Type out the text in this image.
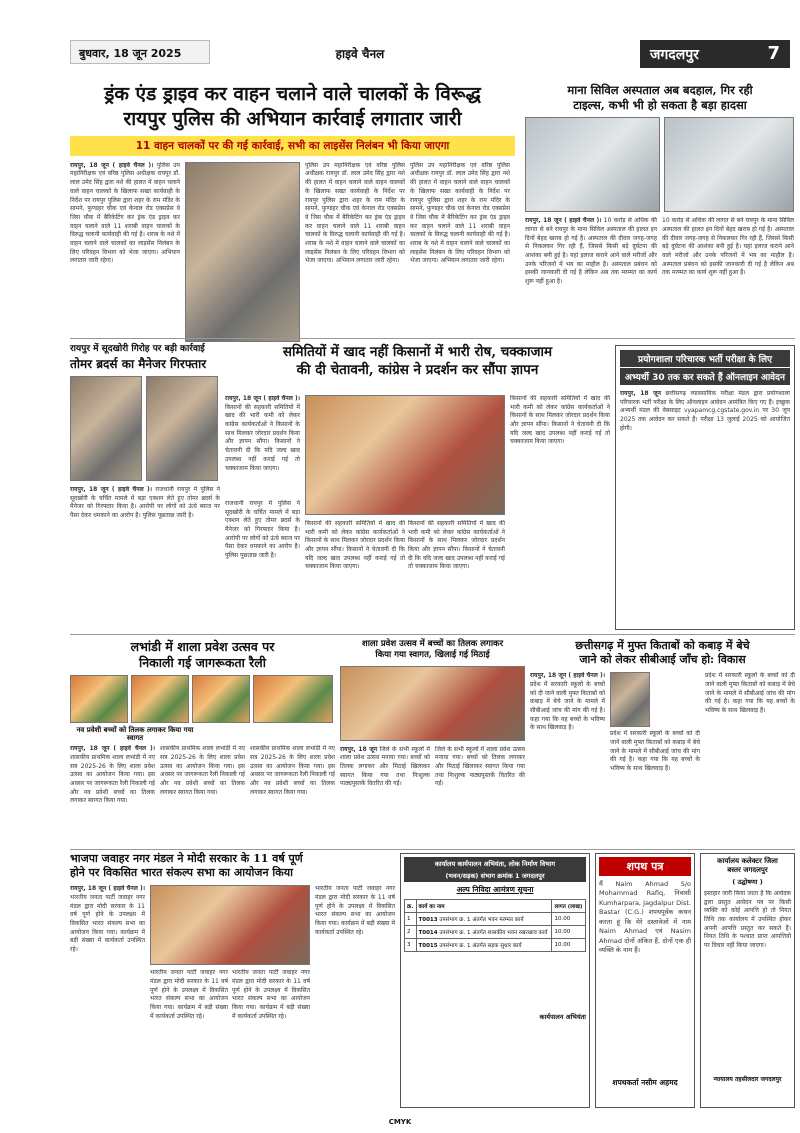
बुधवार, 18 जून 2025	हाइवे चैनल	जगदलपुर	7
ड्रंक एंड ड्राइव कर वाहन चलाने वाले चालकों के विरूद्ध
रायपुर पुलिस की अभियान कार्रवाई लगातार जारी
11 वाहन चालकों पर की गई कार्रवाई, सभी का लाइसेंस निलंबन भी किया जाएगा
रायपुर, 18 जून ( हाइवे चैनल )। पुलिस उप महानिरीक्षक एवं वरिष्ठ पुलिस अधीक्षक रायपुर डॉ. लाल उमेद सिंह द्वारा नशे की हालत में वाहन चलाने वाले वाहन चालकों के खिलाफ सख्त कार्यवाही के निर्देश पर रायपुर पुलिस द्वारा शहर के राम मंदिर के सामने, फुण्डहर चौक एवं केनाल रोड एक्सप्रेस वे जिस चौक में बैरिकेटिंग कर ड्रंक एंड ड्राइव कर वाहन चलाने वाले 11 शराबी वाहन चालकों के विरुद्ध चलानी कार्यवाही की गई है। शराब के नशे में वाहन चलाने वाले चालकों का लाइसेंस निलंबन के लिए परिवहन विभाग को भेजा जाएगा। अभियान लगातार जारी रहेगा।
पुलिस उप महानिरीक्षक एवं वरिष्ठ पुलिस अधीक्षक रायपुर डॉ. लाल उमेद सिंह द्वारा नशे की हालत में वाहन चलाने वाले वाहन चालकों के खिलाफ सख्त कार्यवाही के निर्देश पर रायपुर पुलिस द्वारा शहर के राम मंदिर के सामने, फुण्डहर चौक एवं केनाल रोड एक्सप्रेस वे जिस चौक में बैरिकेटिंग कर ड्रंक एंड ड्राइव कर वाहन चलाने वाले 11 शराबी वाहन चालकों के विरुद्ध चलानी कार्यवाही की गई है। शराब के नशे में वाहन चलाने वाले चालकों का लाइसेंस निलंबन के लिए परिवहन विभाग को भेजा जाएगा। अभियान लगातार जारी रहेगा।
पुलिस उप महानिरीक्षक एवं वरिष्ठ पुलिस अधीक्षक रायपुर डॉ. लाल उमेद सिंह द्वारा नशे की हालत में वाहन चलाने वाले वाहन चालकों के खिलाफ सख्त कार्यवाही के निर्देश पर रायपुर पुलिस द्वारा शहर के राम मंदिर के सामने, फुण्डहर चौक एवं केनाल रोड एक्सप्रेस वे जिस चौक में बैरिकेटिंग कर ड्रंक एंड ड्राइव कर वाहन चलाने वाले 11 शराबी वाहन चालकों के विरुद्ध चलानी कार्यवाही की गई है। शराब के नशे में वाहन चलाने वाले चालकों का लाइसेंस निलंबन के लिए परिवहन विभाग को भेजा जाएगा। अभियान लगातार जारी रहेगा।
माना सिविल अस्पताल अब बदहाल, गिर रही
टाइल्स, कभी भी हो सकता है बड़ा हादसा
रायपुर, 18 जून ( हाइवे चैनल )। 10 करोड़ से अधिक की लागत से बने रायपुर के माना सिविल अस्पताल की हालत इन दिनों बेहद खराब हो गई है। अस्पताल की दीवार जगह-जगह से निकलकर गिर रही हैं, जिससे किसी बड़े दुर्घटना की आशंका बनी हुई है। यहां इलाज कराने आने वाले मरीजों और उनके परिजनों में भय का माहौल है। अस्पताल प्रबंधन को इसकी जानकारी दी गई है लेकिन अब तक मरम्मत का कार्य शुरू नहीं हुआ है।
10 करोड़ से अधिक की लागत से बने रायपुर के माना सिविल अस्पताल की हालत इन दिनों बेहद खराब हो गई है। अस्पताल की दीवार जगह-जगह से निकलकर गिर रही हैं, जिससे किसी बड़े दुर्घटना की आशंका बनी हुई है। यहां इलाज कराने आने वाले मरीजों और उनके परिजनों में भय का माहौल है। अस्पताल प्रबंधन को इसकी जानकारी दी गई है लेकिन अब तक मरम्मत का कार्य शुरू नहीं हुआ है।
रायपुर में सूदखोरी गिरोह पर बड़ी कार्रवाई
तोमर ब्रदर्स का मैनेजर गिरफ्तार
रायपुर, 18 जून ( हाइवे चैनल )। राजधानी रायपुर में पुलिस ने सूदखोरी के चर्चित मामले में बड़ा एक्शन लेते हुए तोमर ब्रदर्स के मैनेजर को गिरफ्तार किया है। आरोपी पर लोगों को ऊंचे ब्याज पर पैसा देकर धमकाने का आरोप है। पुलिस पूछताछ जारी है।
राजधानी रायपुर में पुलिस ने सूदखोरी के चर्चित मामले में बड़ा एक्शन लेते हुए तोमर ब्रदर्स के मैनेजर को गिरफ्तार किया है। आरोपी पर लोगों को ऊंचे ब्याज पर पैसा देकर धमकाने का आरोप है। पुलिस पूछताछ जारी है।
समितियों में खाद नहीं किसानों में भारी रोष, चक्काजाम
की दी चेतावनी, कांग्रेस ने प्रदर्शन कर सौंपा ज्ञापन
रायपुर, 18 जून ( हाइवे चैनल )। किसानों की सहकारी समितियों में खाद की भारी कमी को लेकर कांग्रेस कार्यकर्ताओं ने किसानों के साथ मिलकर जोरदार प्रदर्शन किया और ज्ञापन सौंपा। किसानों ने चेतावनी दी कि यदि जल्द खाद उपलब्ध नहीं कराई गई तो चक्काजाम किया जाएगा।
किसानों की सहकारी समितियों में खाद की भारी कमी को लेकर कांग्रेस कार्यकर्ताओं ने किसानों के साथ मिलकर जोरदार प्रदर्शन किया और ज्ञापन सौंपा। किसानों ने चेतावनी दी कि यदि जल्द खाद उपलब्ध नहीं कराई गई तो चक्काजाम किया जाएगा।
किसानों की सहकारी समितियों में खाद की भारी कमी को लेकर कांग्रेस कार्यकर्ताओं ने किसानों के साथ मिलकर जोरदार प्रदर्शन किया और ज्ञापन सौंपा। किसानों ने चेतावनी दी कि यदि जल्द खाद उपलब्ध नहीं कराई गई तो चक्काजाम किया जाएगा।
किसानों की सहकारी समितियों में खाद की भारी कमी को लेकर कांग्रेस कार्यकर्ताओं ने किसानों के साथ मिलकर जोरदार प्रदर्शन किया और ज्ञापन सौंपा। किसानों ने चेतावनी दी कि यदि जल्द खाद उपलब्ध नहीं कराई गई तो चक्काजाम किया जाएगा।
प्रयोगशाला परिचारक भर्ती परीक्षा के लिए
अभ्यर्थी 30 तक कर सकते हैं ऑनलाइन आवेदन
रायपुर, 18 जून छत्तीसगढ़ व्यावसायिक परीक्षा मंडल द्वारा प्रयोगशाला परिचारक भर्ती परीक्षा के लिए ऑनलाइन आवेदन आमंत्रित किए गए हैं। इच्छुक अभ्यर्थी मंडल की वेबसाइट vyapamcg.cgstate.gov.in पर 30 जून 2025 तक आवेदन कर सकते हैं। परीक्षा 13 जुलाई 2025 को आयोजित होगी।
लभांडी में शाला प्रवेश उत्सव पर
निकाली गई जागरूकता रैली
नव प्रवेशी बच्चों को तिलक लगाकर किया गया स्वागत
रायपुर, 18 जून ( हाइवे चैनल )। शासकीय प्राथमिक शाला लभांडी में नए सत्र 2025-26 के लिए शाला प्रवेश उत्सव का आयोजन किया गया। इस अवसर पर जागरूकता रैली निकाली गई और नव प्रवेशी बच्चों का तिलक लगाकर स्वागत किया गया।
शासकीय प्राथमिक शाला लभांडी में नए सत्र 2025-26 के लिए शाला प्रवेश उत्सव का आयोजन किया गया। इस अवसर पर जागरूकता रैली निकाली गई और नव प्रवेशी बच्चों का तिलक लगाकर स्वागत किया गया।
शासकीय प्राथमिक शाला लभांडी में नए सत्र 2025-26 के लिए शाला प्रवेश उत्सव का आयोजन किया गया। इस अवसर पर जागरूकता रैली निकाली गई और नव प्रवेशी बच्चों का तिलक लगाकर स्वागत किया गया।
शाला प्रवेश उत्सव में बच्चों का तिलक लगाकर
किया गया स्वागत, खिलाई गई मिठाई
रायपुर, 18 जून जिले के सभी स्कूलों में शाला प्रवेश उत्सव मनाया गया। बच्चों को तिलक लगाकर और मिठाई खिलाकर स्वागत किया गया तथा निःशुल्क पाठ्यपुस्तकें वितरित की गईं।
जिले के सभी स्कूलों में शाला प्रवेश उत्सव मनाया गया। बच्चों को तिलक लगाकर और मिठाई खिलाकर स्वागत किया गया तथा निःशुल्क पाठ्यपुस्तकें वितरित की गईं।
छत्तीसगढ़ में मुफ्त किताबों को कबाड़ में बेचे
जाने को लेकर सीबीआई जाँच हो: विकास
रायपुर, 18 जून ( हाइवे चैनल )। प्रदेश में सरकारी स्कूलों के बच्चों को दी जाने वाली मुफ्त किताबों को कबाड़ में बेचे जाने के मामले में सीबीआई जांच की मांग की गई है। कहा गया कि यह बच्चों के भविष्य के साथ खिलवाड़ है।
प्रदेश में सरकारी स्कूलों के बच्चों को दी जाने वाली मुफ्त किताबों को कबाड़ में बेचे जाने के मामले में सीबीआई जांच की मांग की गई है। कहा गया कि यह बच्चों के भविष्य के साथ खिलवाड़ है।
प्रदेश में सरकारी स्कूलों के बच्चों को दी जाने वाली मुफ्त किताबों को कबाड़ में बेचे जाने के मामले में सीबीआई जांच की मांग की गई है। कहा गया कि यह बच्चों के भविष्य के साथ खिलवाड़ है।
भाजपा जवाहर नगर मंडल ने मोदी सरकार के 11 वर्ष पूर्ण
होने पर विकसित भारत संकल्प सभा का आयोजन किया
रायपुर, 18 जून ( हाइवे चैनल )। भारतीय जनता पार्टी जवाहर नगर मंडल द्वारा मोदी सरकार के 11 वर्ष पूर्ण होने के उपलक्ष्य में विकसित भारत संकल्प सभा का आयोजन किया गया। कार्यक्रम में बड़ी संख्या में कार्यकर्ता उपस्थित रहे।
भारतीय जनता पार्टी जवाहर नगर मंडल द्वारा मोदी सरकार के 11 वर्ष पूर्ण होने के उपलक्ष्य में विकसित भारत संकल्प सभा का आयोजन किया गया। कार्यक्रम में बड़ी संख्या में कार्यकर्ता उपस्थित रहे।
भारतीय जनता पार्टी जवाहर नगर मंडल द्वारा मोदी सरकार के 11 वर्ष पूर्ण होने के उपलक्ष्य में विकसित भारत संकल्प सभा का आयोजन किया गया। कार्यक्रम में बड़ी संख्या में कार्यकर्ता उपस्थित रहे।
भारतीय जनता पार्टी जवाहर नगर मंडल द्वारा मोदी सरकार के 11 वर्ष पूर्ण होने के उपलक्ष्य में विकसित भारत संकल्प सभा का आयोजन किया गया। कार्यक्रम में बड़ी संख्या में कार्यकर्ता उपस्थित रहे।
कार्यालय कार्यपालन अभियंता, लोक निर्माण विभाग
(भवन/सड़क) संभाग क्रमांक 1 जगदलपुर
अल्प निविदा आमंत्रण सूचना
क्र.	कार्य का नाम	लागत (लाख)
1	T0013 उपसंभाग क्र. 1 अंतर्गत भवन मरम्मत कार्य	10.00
2	T0014 उपसंभाग क्र. 1 अंतर्गत शासकीय भवन रखरखाव कार्य	10.00
3	T0015 उपसंभाग क्र. 1 अंतर्गत सड़क सुधार कार्य	10.00
कार्यपालन अभियंता
शपथ पत्र
मैं Naim Ahmad S/o Mohammad Rafiq, निवासी Kumharpara, Jagdalpur Dist. Bastar (C.G.) शपथपूर्वक कथन करता हूं कि मेरे दस्तावेजों में नाम Naim Ahmad एवं Nasim Ahmad दोनों अंकित हैं, दोनों एक ही व्यक्ति के नाम हैं।
शपथकर्ता नसीम अहमद
कार्यालय कलेक्टर जिला
बस्तर जगदलपुर
( उद्घोषणा )
इस्तहार जारी किया जाता है कि आवेदक द्वारा प्रस्तुत आवेदन पत्र पर किसी व्यक्ति को कोई आपत्ति हो तो नियत तिथि तक कार्यालय में उपस्थित होकर अपनी आपत्ति प्रस्तुत कर सकते हैं। नियत तिथि के पश्चात प्राप्त आपत्तियों पर विचार नहीं किया जाएगा।
न्यायालय तहसीलदार जगदलपुर
CMYK
